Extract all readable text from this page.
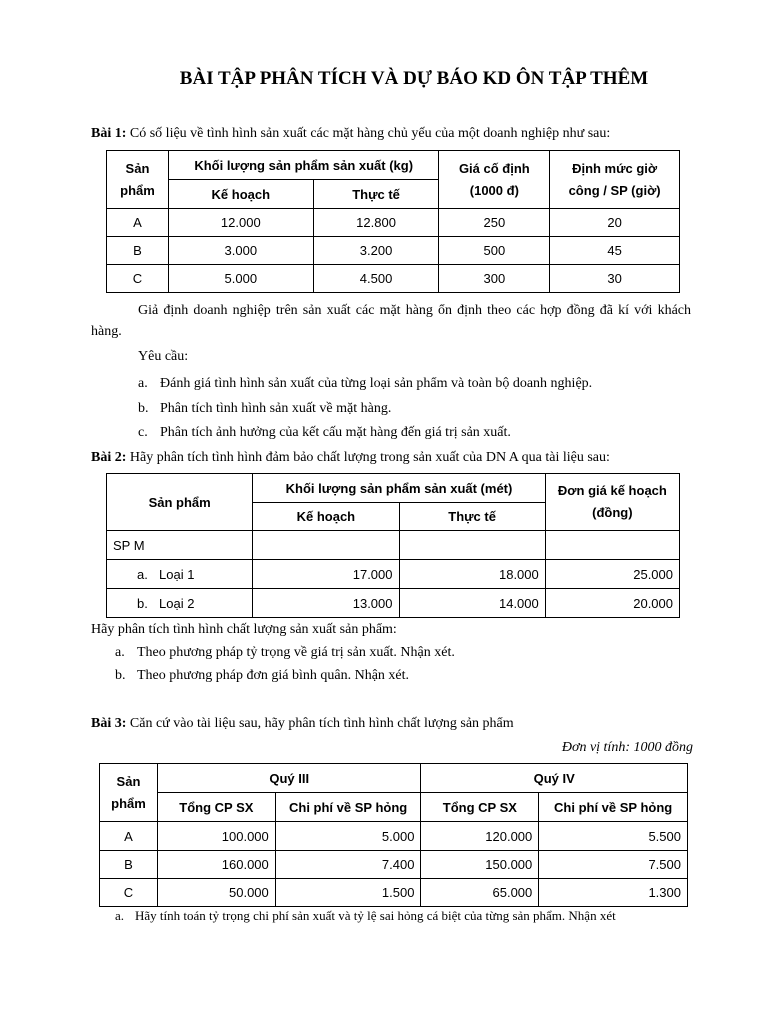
BÀI TẬP PHÂN TÍCH VÀ DỰ BÁO KD ÔN TẬP THÊM
Bài 1: Có số liệu về tình hình sản xuất các mặt hàng chủ yếu của một doanh nghiệp như sau:
Sản phẩm	Khối lượng sản phẩm sản xuất (kg)		Giá cố định (1000 đ)	Định mức giờ công / SP (giờ)
	Kế hoạch	Thực tế		
A	12.000	12.800	250	20
B	3.000	3.200	500	45
C	5.000	4.500	300	30
Giả định doanh nghiệp trên sản xuất các mặt hàng ổn định theo các hợp đồng đã kí với khách hàng.
Yêu cầu:
a. Đánh giá tình hình sản xuất của từng loại sản phẩm và toàn bộ doanh nghiệp.
b. Phân tích tình hình sản xuất về mặt hàng.
c. Phân tích ảnh hưởng của kết cấu mặt hàng đến giá trị sản xuất.
Bài 2: Hãy phân tích tình hình đảm bảo chất lượng trong sản xuất của DN A qua tài liệu sau:
Sản phẩm	Khối lượng sản phẩm sản xuất (mét)		Đơn giá kế hoạch (đồng)
	Kế hoạch	Thực tế	
SP M			
a. Loại 1	17.000	18.000	25.000
b. Loại 2	13.000	14.000	20.000
Hãy phân tích tình hình chất lượng sản xuất sản phẩm:
a. Theo phương pháp tỷ trọng về giá trị sản xuất. Nhận xét.
b. Theo phương pháp đơn giá bình quân. Nhận xét.
Bài 3: Căn cứ vào tài liệu sau, hãy phân tích tình hình chất lượng sản phẩm
Đơn vị tính: 1000 đồng
Sản phẩm	Quý III		Quý IV	
	Tổng CP SX	Chi phí về SP hỏng	Tổng CP SX	Chi phí về SP hỏng
A	100.000	5.000	120.000	5.500
B	160.000	7.400	150.000	7.500
C	50.000	1.500	65.000	1.300
a. Hãy tính toán tỷ trọng chi phí sản xuất và tỷ lệ sai hỏng cá biệt của từng sản phẩm. Nhận xét
